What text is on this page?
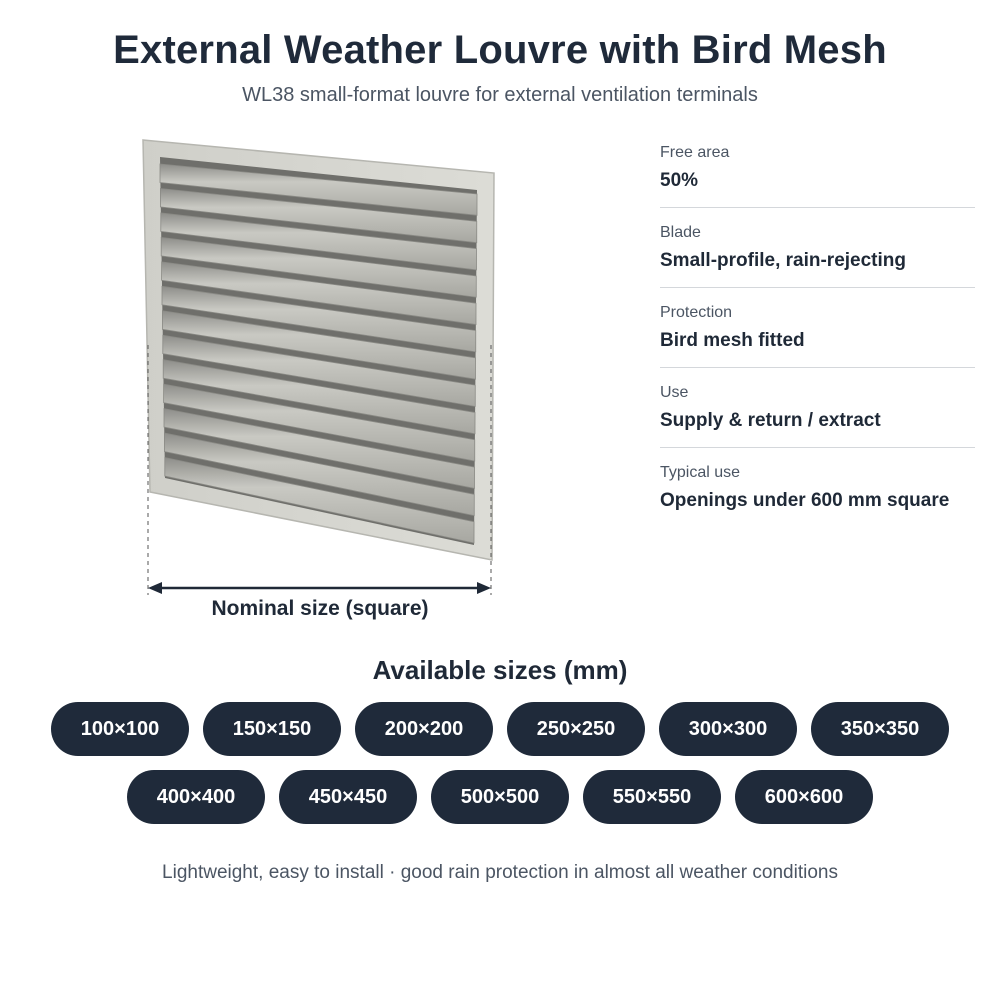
External Weather Louvre with Bird Mesh
WL38 small-format louvre for external ventilation terminals
Nominal size (square)
Free area
50%
Blade
Small-profile, rain-rejecting
Protection
Bird mesh fitted
Use
Supply & return / extract
Typical use
Openings under 600 mm square
Available sizes (mm)
100×100	150×150	200×200	250×250	300×300	350×350
400×400	450×450	500×500	550×550	600×600
Lightweight, easy to install · good rain protection in almost all weather conditions
